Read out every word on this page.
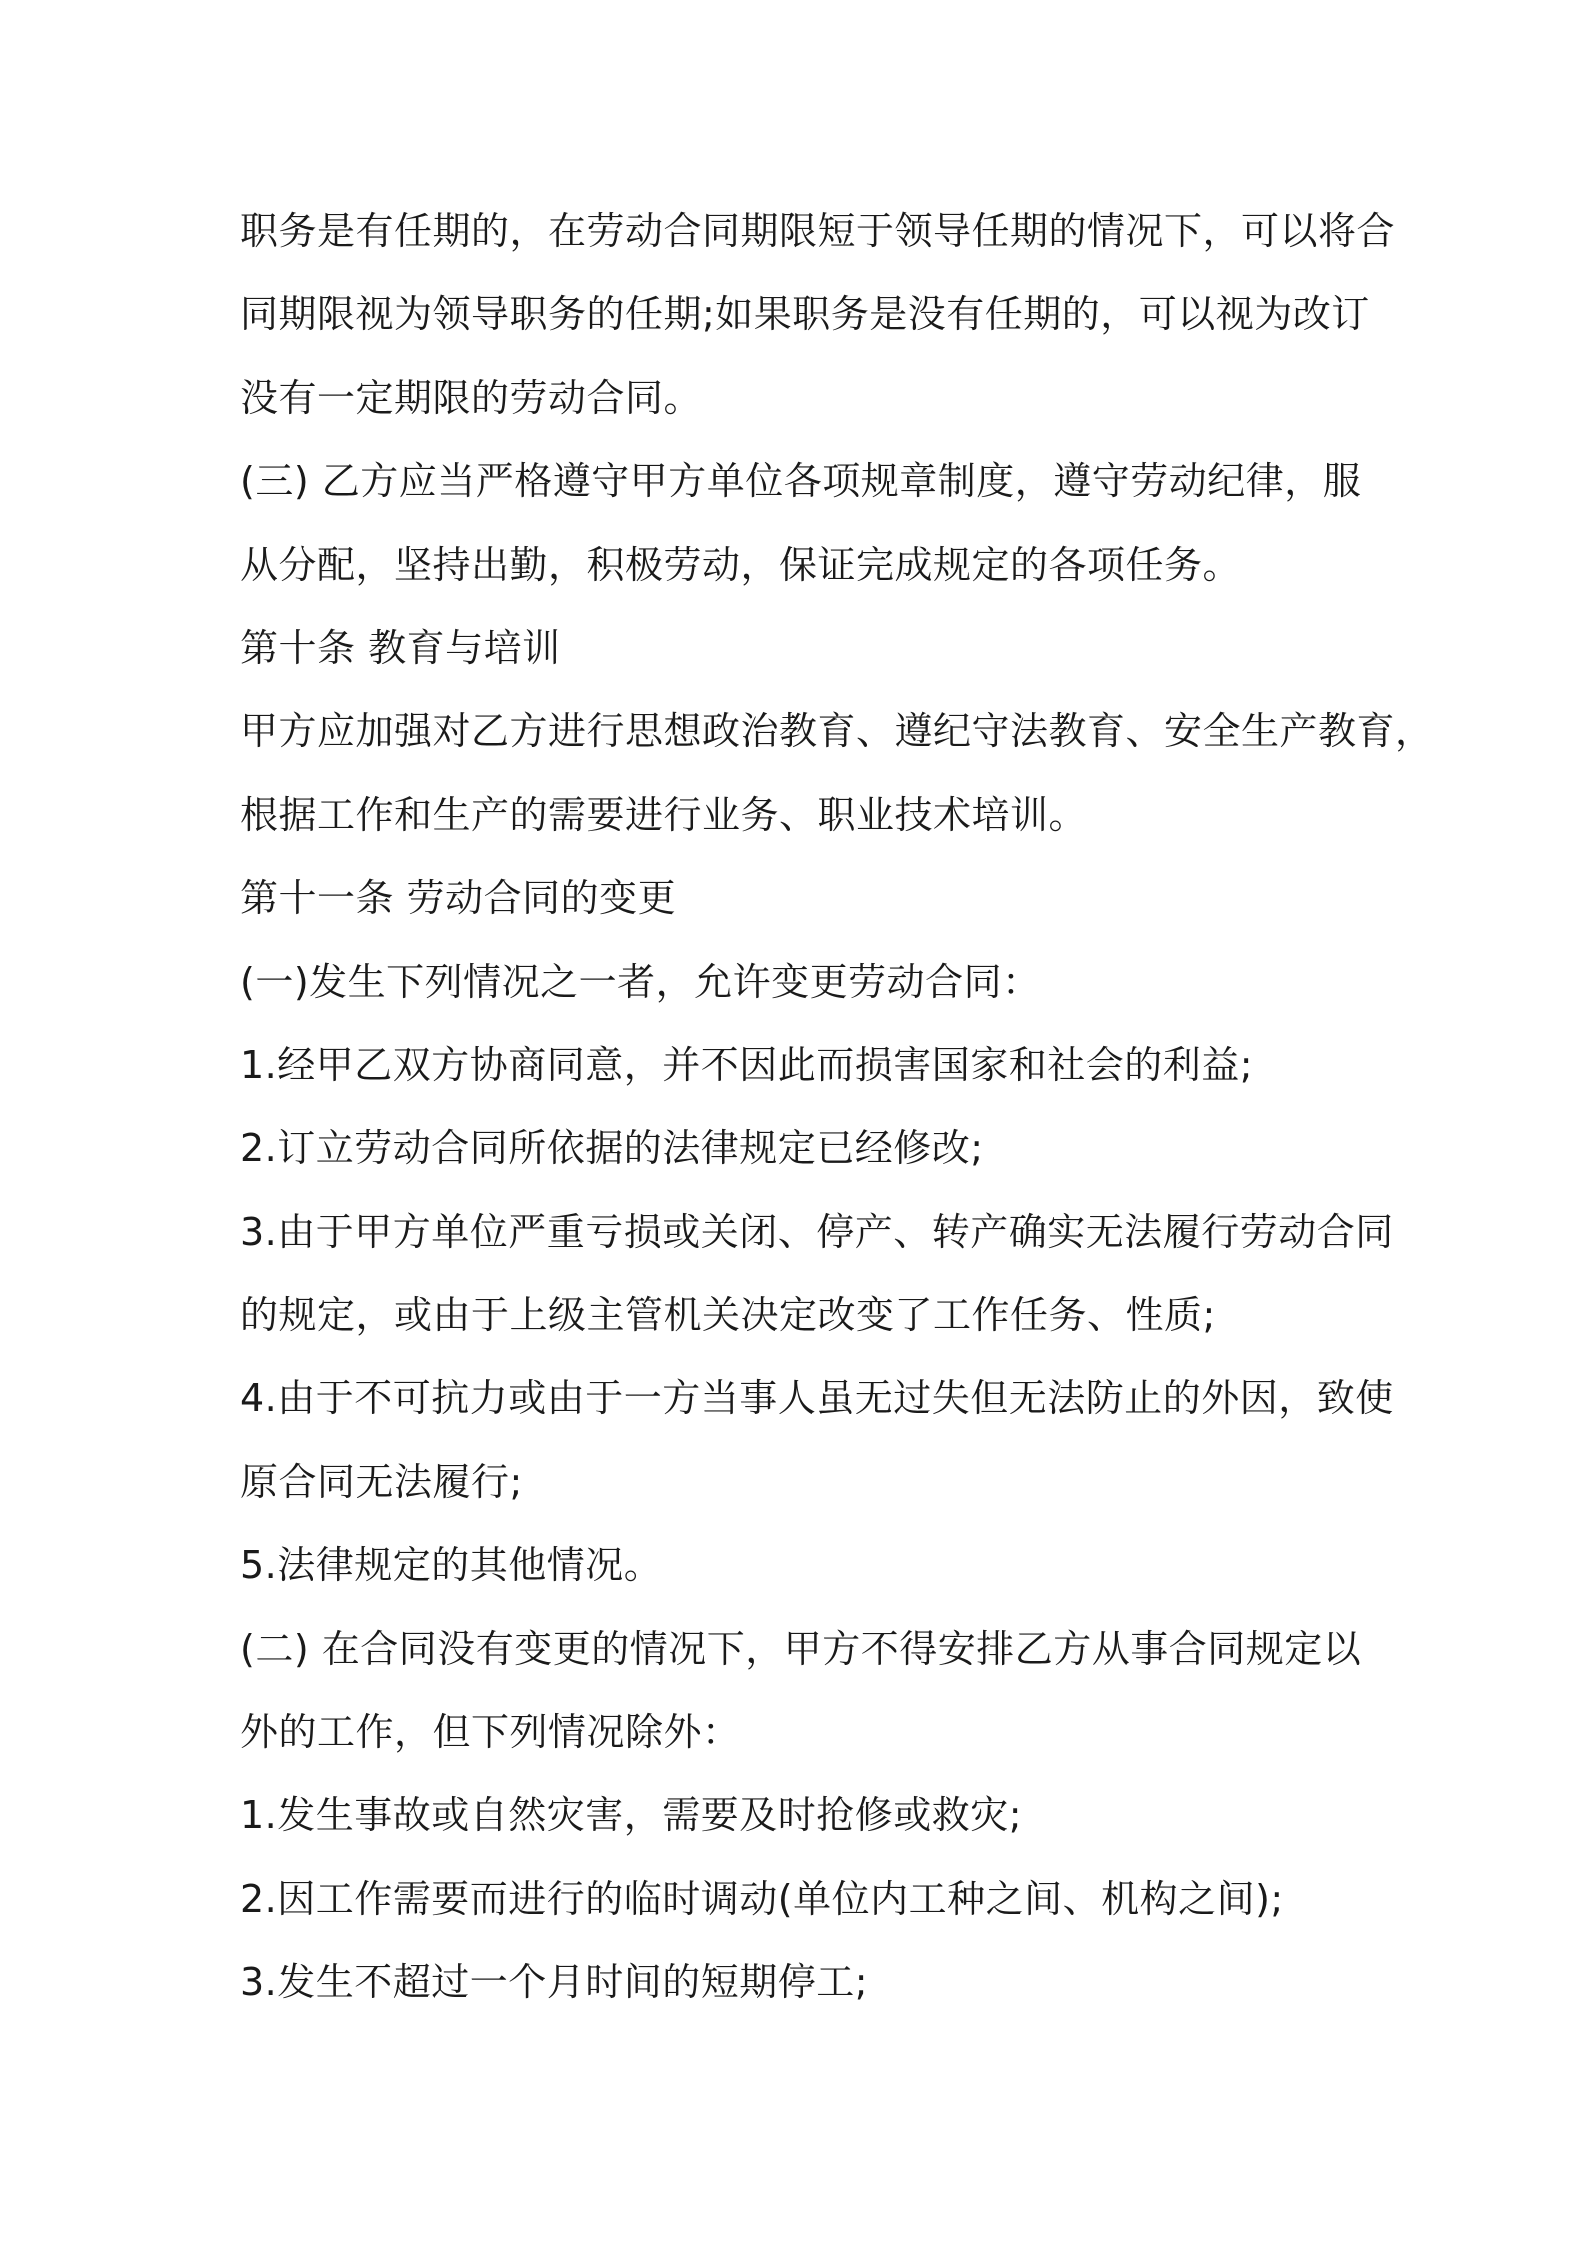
职务是有任期的，在劳动合同期限短于领导任期的情况下，可以将合
同期限视为领导职务的任期;如果职务是没有任期的，可以视为改订
没有一定期限的劳动合同。
(三) 乙方应当严格遵守甲方单位各项规章制度，遵守劳动纪律，服
从分配，坚持出勤，积极劳动，保证完成规定的各项任务。
第十条 教育与培训
甲方应加强对乙方进行思想政治教育、遵纪守法教育、安全生产教育，
根据工作和生产的需要进行业务、职业技术培训。
第十一条 劳动合同的变更
(一)发生下列情况之一者，允许变更劳动合同：
1.经甲乙双方协商同意，并不因此而损害国家和社会的利益;
2.订立劳动合同所依据的法律规定已经修改;
3.由于甲方单位严重亏损或关闭、停产、转产确实无法履行劳动合同
的规定，或由于上级主管机关决定改变了工作任务、性质;
4.由于不可抗力或由于一方当事人虽无过失但无法防止的外因，致使
原合同无法履行;
5.法律规定的其他情况。
(二) 在合同没有变更的情况下，甲方不得安排乙方从事合同规定以
外的工作，但下列情况除外：
1.发生事故或自然灾害，需要及时抢修或救灾;
2.因工作需要而进行的临时调动(单位内工种之间、机构之间);
3.发生不超过一个月时间的短期停工;
